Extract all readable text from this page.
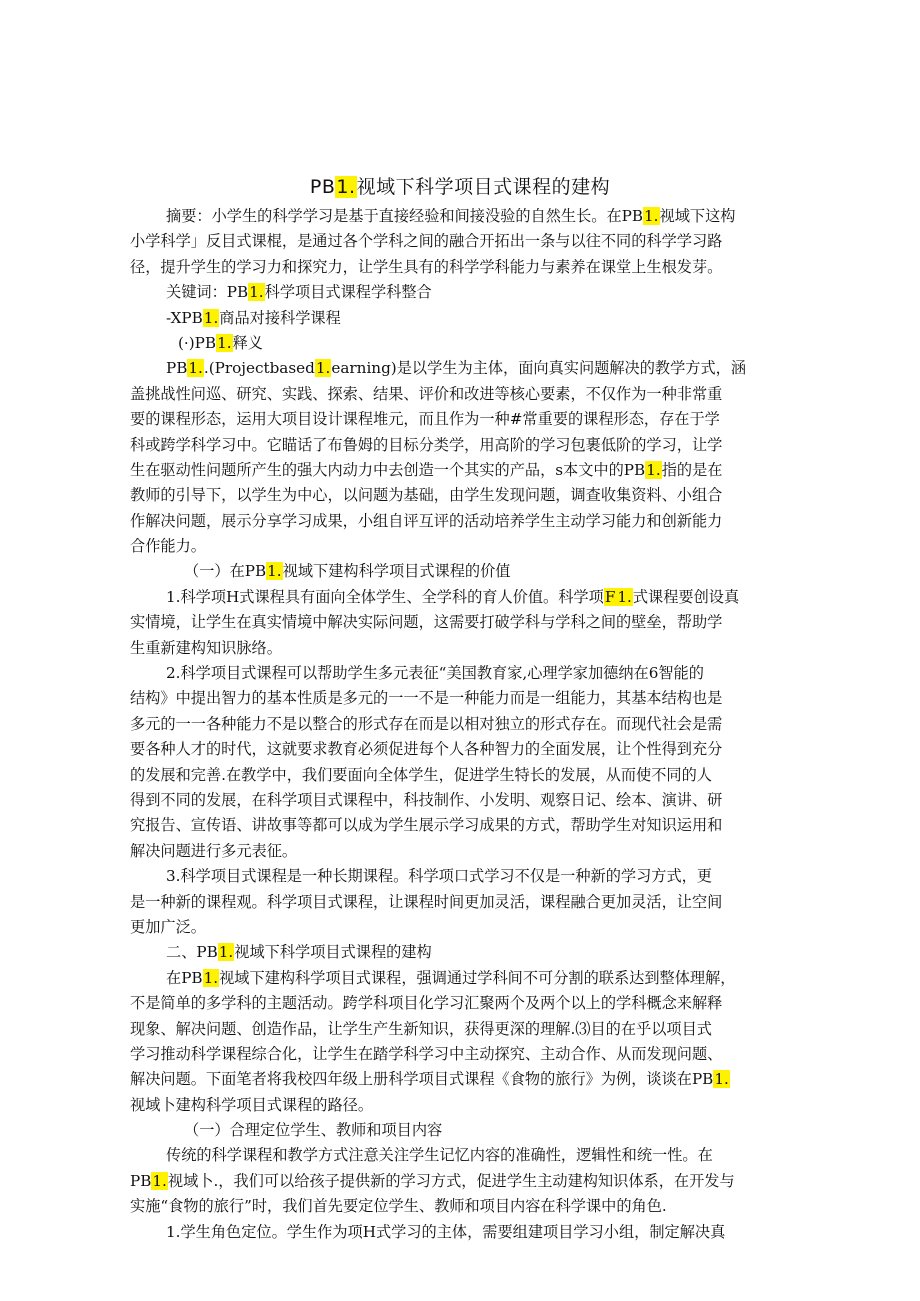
PB1.视域下科学项目式课程的建构
摘要：小学生的科学学习是基于直接经验和间接没验的自然生长。在PB1.视域下这构
小学科学」反目式课棍，是通过各个学科之间的融合开拓出一条与以往不同的科学学习路
径，提升学生的学习力和探究力，让学生具有的科学学科能力与素养在课堂上生根发芽。
关键词：PB1.科学项目式课程学科整合
-XPB1.商品对接科学课程
(·)PB1.释义
PB1..(Projectbased1.earning)是以学生为主体，面向真实问题解决的教学方式，涵
盖挑战性问巡、研究、实践、探索、结果、评价和改进等核心要素，不仅作为一种非常重
要的课程形态，运用大项目设计课程堆元，而且作为一种#常重要的课程形态，存在于学
科或跨学科学习中。它瞄话了布鲁姆的目标分类学，用高阶的学习包裹低阶的学习，让学
生在驱动性问题所产生的强大内动力中去创造一个其实的产品，s本文中的PB1.指的是在
教师的引导下，以学生为中心，以问题为基础，由学生发现问题，调查收集资料、小组合
作解决问题，展示分享学习成果，小组自评互评的活动培养学生主动学习能力和创新能力
合作能力。
（一）在PB1.视域下建构科学项目式课程的价值
1.科学项H式课程具有面向全体学生、全学科的育人价值。科学项F 1.式课程要创设真
实情境，让学生在真实情境中解决实际问题，这需要打破学科与学科之间的壁垒，帮助学
生重新建构知识脉络。
2.科学项目式课程可以帮助学生多元表征“美国教育家,心理学家加德纳在6智能的
结构》中提出智力的基本性质是多元的一一不是一种能力而是一组能力，其基本结构也是
多元的一一各种能力不是以整合的形式存在而是以相对独立的形式存在。而现代社会是需
要各种人才的时代，这就要求教育必须促进每个人各种智力的全面发展，让个性得到充分
的发展和完善.在教学中，我们要面向全体学生，促进学生特长的发展，从而使不同的人
得到不同的发展，在科学项目式课程中，科技制作、小发明、观察日记、绘本、演讲、研
究报告、宣传语、讲故事等都可以成为学生展示学习成果的方式，帮助学生对知识运用和
解决问题进行多元表征。
3.科学项目式课程是一种长期课程。科学项口式学习不仅是一种新的学习方式，更
是一种新的课程观。科学项目式课程，让课程时间更加灵活，课程融合更加灵活，让空间
更加广泛。
二、PB1.视域下科学项目式课程的建构
在PB1.视域下建构科学项目式课程，强调通过学科间不可分割的联系达到整体理解，
不是简单的多学科的主题活动。跨学科项目化学习汇聚两个及两个以上的学科概念来解释
现象、解决问题、创造作品，让学生产生新知识，获得更深的理解.⑶目的在乎以项目式
学习推动科学课程综合化，让学生在踏学科学习中主动探究、主动合作、从而发现问题、
解决问题。下面笔者将我校四年级上册科学项目式课程《食物的旅行》为例，谈谈在PB1.
视域卜建构科学项目式课程的路径。
（一）合理定位学生、教师和项目内容
传统的科学课程和教学方式注意关注学生记忆内容的准确性，逻辑性和统一性。在
PB1.视域卜.，我们可以给孩子提供新的学习方式，促进学生主动建构知识体系，在开发与
实施“食物的旅行”时，我们首先要定位学生、教师和项目内容在科学课中的角色.
1.学生角色定位。学生作为项H式学习的主体，需要组建项目学习小组，制定解决真
